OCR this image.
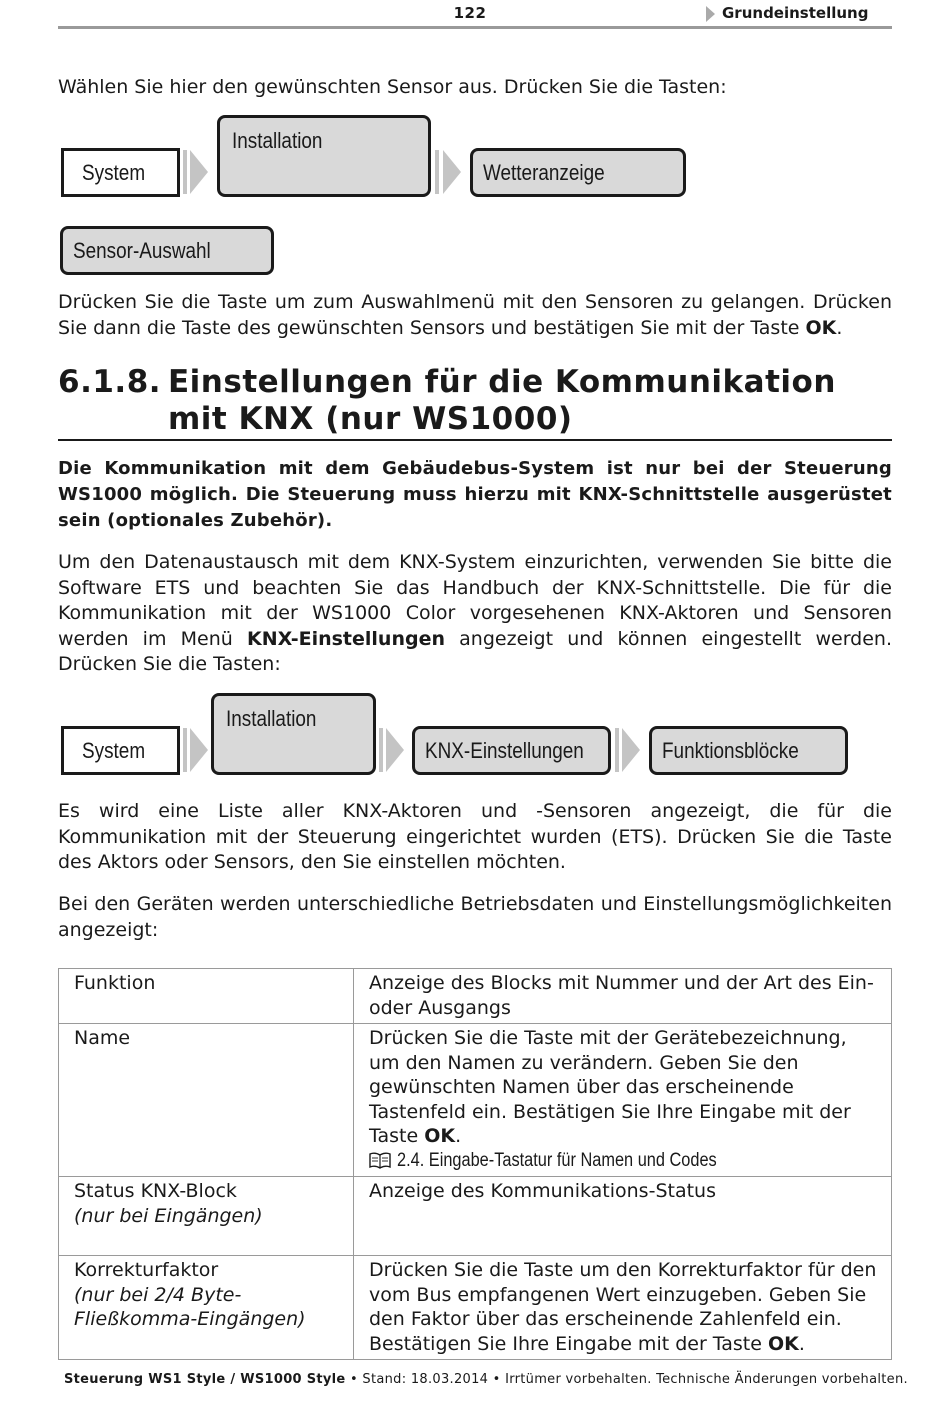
122	Grundeinstellung
Wählen Sie hier den gewünschten Sensor aus. Drücken Sie die Tasten:
System
Installation
Wetteranzeige
Sensor-Auswahl
Drücken Sie die Taste um zum Auswahlmenü mit den Sensoren zu gelangen. Drücken Sie dann die Taste des gewünschten Sensors und bestätigen Sie mit der Taste OK.
6.1.8. Einstellungen für die Kommunikation mit KNX (nur WS1000)
Die Kommunikation mit dem Gebäudebus-System ist nur bei der Steuerung WS1000 möglich. Die Steuerung muss hierzu mit KNX-Schnittstelle ausgerüstet sein (optionales Zubehör).
Um den Datenaustausch mit dem KNX-System einzurichten, verwenden Sie bitte die Software ETS und beachten Sie das Handbuch der KNX-Schnittstelle. Die für die Kommunikation mit der WS1000 Color vorgesehenen KNX-Aktoren und Sensoren werden im Menü KNX-Einstellungen angezeigt und können eingestellt werden. Drücken Sie die Tasten:
System
Installation
KNX-Einstellungen	Funktionsblöcke
Es wird eine Liste aller KNX-Aktoren und -Sensoren angezeigt, die für die Kommunikation mit der Steuerung eingerichtet wurden (ETS). Drücken Sie die Taste des Aktors oder Sensors, den Sie einstellen möchten.
Bei den Geräten werden unterschiedliche Betriebsdaten und Einstellungsmöglichkeiten angezeigt:
Funktion	Anzeige des Blocks mit Nummer und der Art des Ein- oder Ausgangs
Name	Drücken Sie die Taste mit der Gerätebezeichnung, um den Namen zu verändern. Geben Sie den gewünschten Namen über das erscheinende Tastenfeld ein. Bestätigen Sie Ihre Eingabe mit der Taste OK.
2.4. Eingabe-Tastatur für Namen und Codes

Status KNX-Block
(nur bei Eingängen)	Anzeige des Kommunikations-Status
Korrekturfaktor
(nur bei 2/4 Byte-Fließkomma-Eingängen)	Drücken Sie die Taste um den Korrekturfaktor für den vom Bus empfangenen Wert einzugeben. Geben Sie den Faktor über das erscheinende Zahlenfeld ein. Bestätigen Sie Ihre Eingabe mit der Taste OK.
Steuerung WS1 Style / WS1000 Style • Stand: 18.03.2014 • Irrtümer vorbehalten. Technische Änderungen vorbehalten.
